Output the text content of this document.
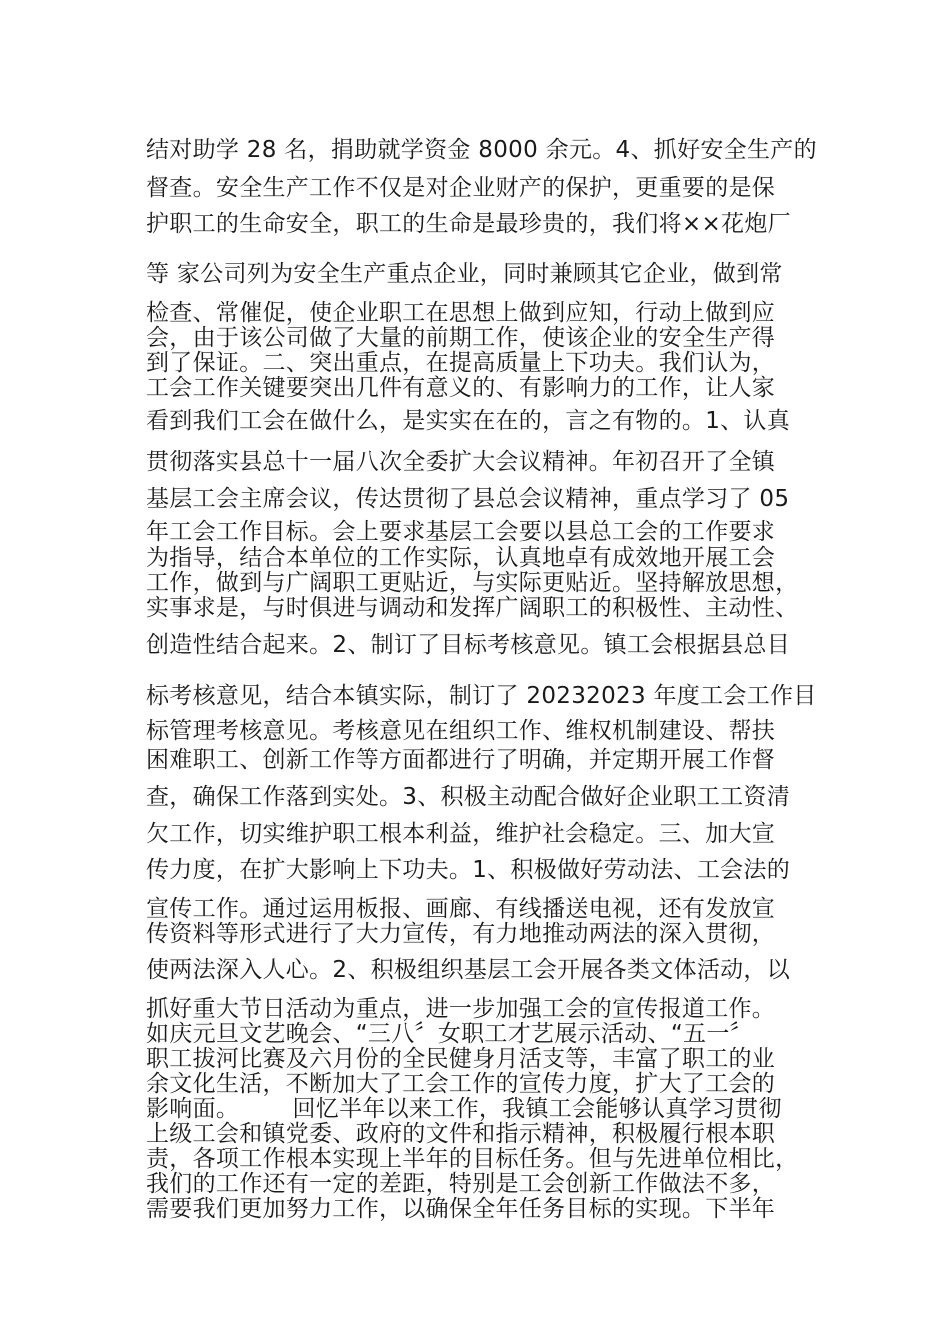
结对助学 28 名，捐助就学资金 8000 余元。4、抓好安全生产的
督查。安全生产工作不仅是对企业财产的保护，更重要的是保
护职工的生命安全，职工的生命是最珍贵的，我们将××花炮厂
等 家公司列为安全生产重点企业，同时兼顾其它企业，做到常
检查、常催促，使企业职工在思想上做到应知，行动上做到应
会，由于该公司做了大量的前期工作，使该企业的安全生产得
到了保证。二、突出重点，在提高质量上下功夫。我们认为，
工会工作关键要突出几件有意义的、有影响力的工作，让人家
看到我们工会在做什么，是实实在在的，言之有物的。1、认真
贯彻落实县总十一届八次全委扩大会议精神。年初召开了全镇
基层工会主席会议，传达贯彻了县总会议精神，重点学习了 05
年工会工作目标。会上要求基层工会要以县总工会的工作要求
为指导，结合本单位的工作实际，认真地卓有成效地开展工会
工作，做到与广阔职工更贴近，与实际更贴近。坚持解放思想，
实事求是，与时俱进与调动和发挥广阔职工的积极性、主动性、
创造性结合起来。2、制订了目标考核意见。镇工会根据县总目
标考核意见，结合本镇实际，制订了 20232023 年度工会工作目
标管理考核意见。考核意见在组织工作、维权机制建设、帮扶
困难职工、创新工作等方面都进行了明确，并定期开展工作督
查，确保工作落到实处。3、积极主动配合做好企业职工工资清
欠工作，切实维护职工根本利益，维护社会稳定。三、加大宣
传力度，在扩大影响上下功夫。1、积极做好劳动法、工会法的
宣传工作。通过运用板报、画廊、有线播送电视，还有发放宣
传资料等形式进行了大力宣传，有力地推动两法的深入贯彻，
使两法深入人心。2、积极组织基层工会开展各类文体活动，以
抓好重大节日活动为重点，进一步加强工会的宣传报道工作。
如庆元旦文艺晚会、“三八〞女职工才艺展示活动、“五一〞
职工拔河比赛及六月份的全民健身月活支等，丰富了职工的业
余文化生活，不断加大了工会工作的宣传力度，扩大了工会的
影响面。       回忆半年以来工作，我镇工会能够认真学习贯彻
上级工会和镇党委、政府的文件和指示精神，积极履行根本职
责，各项工作根本实现上半年的目标任务。但与先进单位相比，
我们的工作还有一定的差距，特别是工会创新工作做法不多，
需要我们更加努力工作，以确保全年任务目标的实现。下半年
